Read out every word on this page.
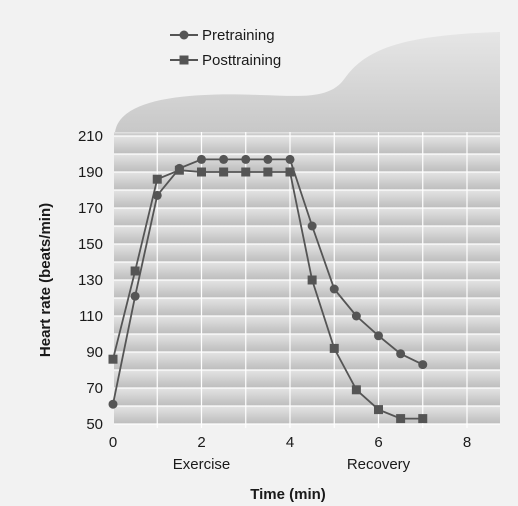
50
70
90
110
130
150
170
190
210
0	2	4	6	8
Pretraining
Posttraining
Heart rate (beats/min)
Time (min)
Exercise	Recovery
